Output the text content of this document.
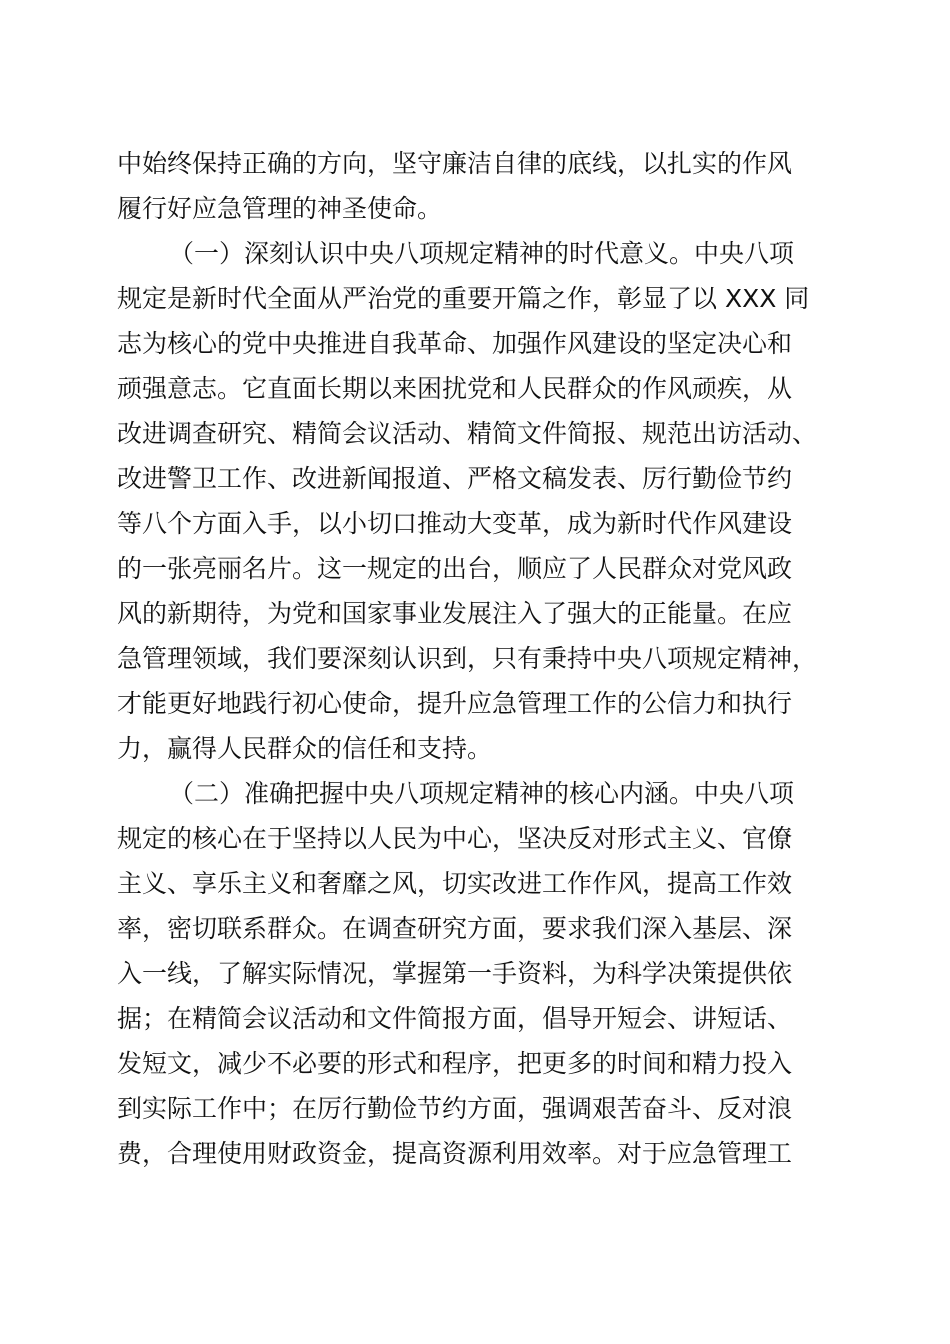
中始终保持正确的方向，坚守廉洁自律的底线，以扎实的作风
履行好应急管理的神圣使命。
（一）深刻认识中央八项规定精神的时代意义。中央八项
规定是新时代全面从严治党的重要开篇之作，彰显了以 XXX 同
志为核心的党中央推进自我革命、加强作风建设的坚定决心和
顽强意志。它直面长期以来困扰党和人民群众的作风顽疾，从
改进调查研究、精简会议活动、精简文件简报、规范出访活动、
改进警卫工作、改进新闻报道、严格文稿发表、厉行勤俭节约
等八个方面入手，以小切口推动大变革，成为新时代作风建设
的一张亮丽名片。这一规定的出台，顺应了人民群众对党风政
风的新期待，为党和国家事业发展注入了强大的正能量。在应
急管理领域，我们要深刻认识到，只有秉持中央八项规定精神，
才能更好地践行初心使命，提升应急管理工作的公信力和执行
力，赢得人民群众的信任和支持。
（二）准确把握中央八项规定精神的核心内涵。中央八项
规定的核心在于坚持以人民为中心，坚决反对形式主义、官僚
主义、享乐主义和奢靡之风，切实改进工作作风，提高工作效
率，密切联系群众。在调查研究方面，要求我们深入基层、深
入一线，了解实际情况，掌握第一手资料，为科学决策提供依
据；在精简会议活动和文件简报方面，倡导开短会、讲短话、
发短文，减少不必要的形式和程序，把更多的时间和精力投入
到实际工作中；在厉行勤俭节约方面，强调艰苦奋斗、反对浪
费，合理使用财政资金，提高资源利用效率。对于应急管理工
